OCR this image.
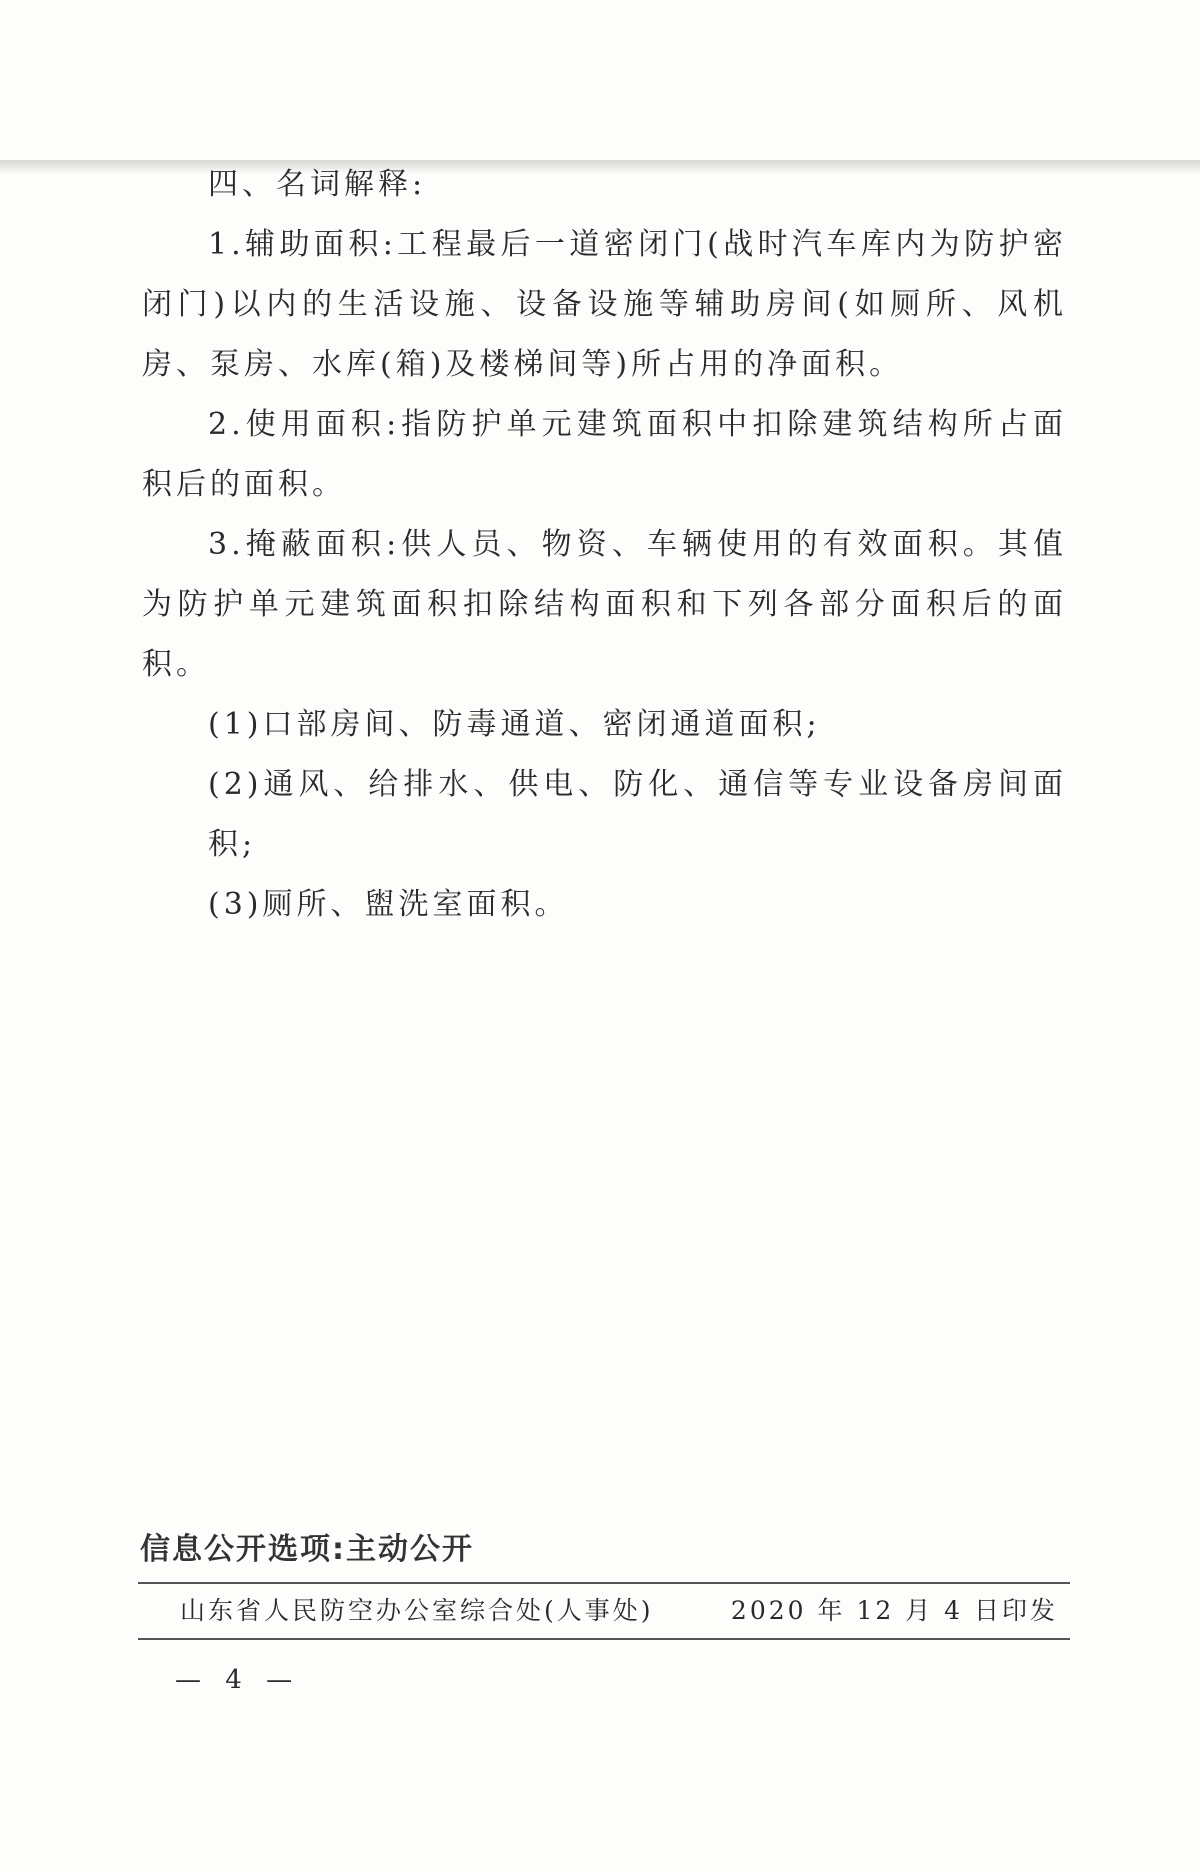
四、名词解释:

1.辅助面积:工程最后一道密闭门(战时汽车库内为防护密闭门)以内的生活设施、设备设施等辅助房间(如厕所、风机房、泵房、水库(箱)及楼梯间等)所占用的净面积。

2.使用面积:指防护单元建筑面积中扣除建筑结构所占面积后的面积。

3.掩蔽面积:供人员、物资、车辆使用的有效面积。其值为防护单元建筑面积扣除结构面积和下列各部分面积后的面积。

(1)口部房间、防毒通道、密闭通道面积;

(2)通风、给排水、供电、防化、通信等专业设备房间面积;

(3)厕所、盥洗室面积。

信息公开选项:主动公开
山东省人民防空办公室综合处(人事处)	2020 年 12 月 4 日印发
— 4 —
